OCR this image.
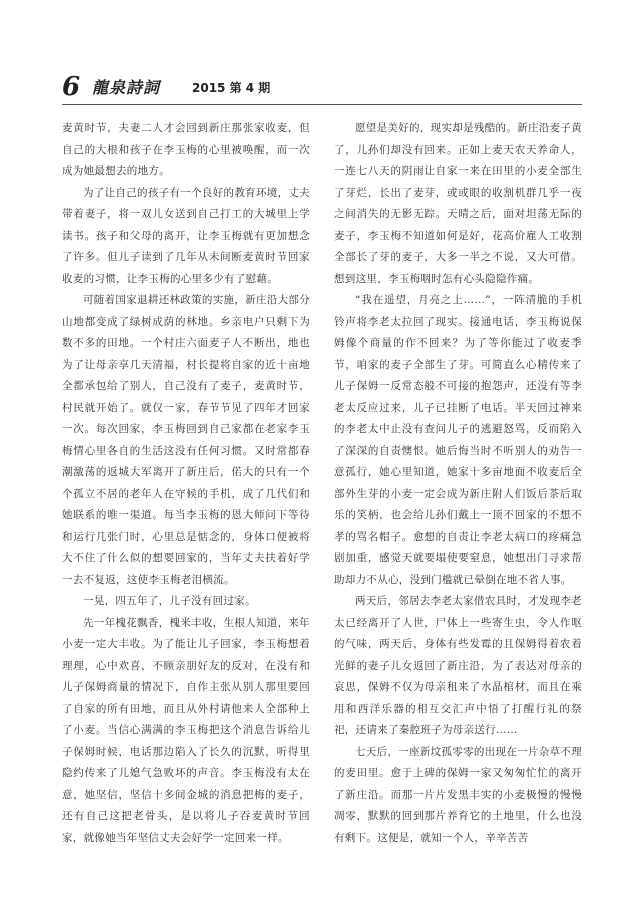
6 龍泉詩詞	2015 第 4 期

麦黄时节，夫妻二人才会回到新庄那张家收麦，但自己的大根和孩子在李玉梅的心里被唤醒，而一次成为她最想去的地方。

为了让自己的孩子有一个良好的教育环境，丈夫带着妻子，将一双儿女送到自己打工的大城里上学读书。孩子和父母的离开，让李玉梅就有更加想念了许多。但儿子读到了几年从未间断麦黄时节回家收麦的习惯，让李玉梅的心里多少有了慰藉。

可随着国家退耕还林政策的实施，新庄沿大部分山地都变成了绿树成荫的林地。乡亲电户只剩下为数不多的田地。一个村庄六面麦子人不断出，地也为了让母亲享几天清福，村长提将自家的近十亩地全都承包给了别人，自己没有了麦子，麦黄时节，村民就开始了。就仅一家，春节节见了四年才回家一次。每次回家，李玉梅回到自己家都在老家李玉梅情心里各自的生活这没有任何习惯。又时常都春潮激荡的返城大军离开了新庄后，偌大的只有一个个孤立不居的老年人在守候的手机，成了几代们和她联系的唯一渠道。每当李玉梅的恩大师问下等待和运行几张门时，心里总是惦念的，身体口便被将大不住了什么似的想要回家的，当年丈夫扶着好学一去不复返，这使李玉梅老泪横流。

一晃，四五年了，儿子没有回过家。

先一年槐花飘香，槐米丰收，生根人知道，来年小麦一定大丰收。为了能让儿子回家，李玉梅想着理理，心中欢喜，不顾亲朋好友的反对，在没有和儿子保姆商量的情况下，自作主张从别人那里要回了自家的所有田地，而且从外村请他来人全部种上了小麦。当信心满满的李玉梅把这个消息告诉给儿子保姆时候，电话那边陷入了长久的沉默，听得里隐约传来了儿媳气急败坏的声音。李玉梅没有太在意，她坚信，坚信十多间金城的消息把梅的麦子，还有自己这把老骨头，是以将儿子吞麦黄时节回家，就像她当年坚信丈夫会好学一定回来一样。

愿望是美好的，现实却是残酷的。新庄沿麦子黄了，儿孙们却没有回来。正如上麦天农天养命人，一连七八天的阴雨让自家一来在田里的小麦全部生了芽烂，长出了麦芽，或或眼的收割机群几乎一夜之间消失的无影无踪。天晴之后，面对坦荡无际的麦子，李玉梅不知道如何是好，花高价雇人工收割全部长了芽的麦子，大多一半之不说，又大可借。想到这里，李玉梅咽时怎有心头隐隐作痛。

“我在遥望，月亮之上……”，一阵清脆的手机铃声将李老太拉回了现实。接通电话，李玉梅说保姆像个商量的作不回来？为了等你能过了收麦季节，咱家的麦子全部生了芽。可简直么心精传来了儿子保姆一反常态般不可接的抱怨声，还没有等李老太反应过来，儿子已挂断了电话。半天回过神来的李老太中止没有查问儿子的逃避怒骂，反而陷入了深深的自责懊恨。她后悔当时不听别人的劝告一意孤行，她心里知道，她家十多亩地面不收麦后全部外生芽的小麦一定会成为新庄附人们饭后茶后取乐的笑柄，也会给儿孙们戴上一顶不回家的不想不孝的骂名帽子。愈想的自责让李老太病口的疼痛急剧加重，感觉天就要塌使要窒息，她想出门寻求帮助却力不从心，没到门槛就已晕倒在地不省人事。

两天后，邻居去李老太家借农具时，才发现李老太已经离开了人世，尸体上一些寄生虫，令人作呕的气味，两天后，身体有些发霉的且保姆得着农着光鲜的妻子儿女返回了新庄沿，为了表达对母亲的哀思，保姆不仅为母亲租来了水晶棺材，而且在乘用和西洋乐器的相互交汇声中悟了打醒行礼的祭祀，还请来了秦腔班子为母亲送行……

七天后，一座新坟孤零零的出现在一片杂草不理的麦田里。愈于上碑的保姆一家又匆匆忙忙的离开了新庄沿。而那一片片发黑丰实的小麦极慢的慢慢凋零，默默的回到那片养育它的土地里，什么也没有剩下。这便是，就知一个人，辛辛苦苦
